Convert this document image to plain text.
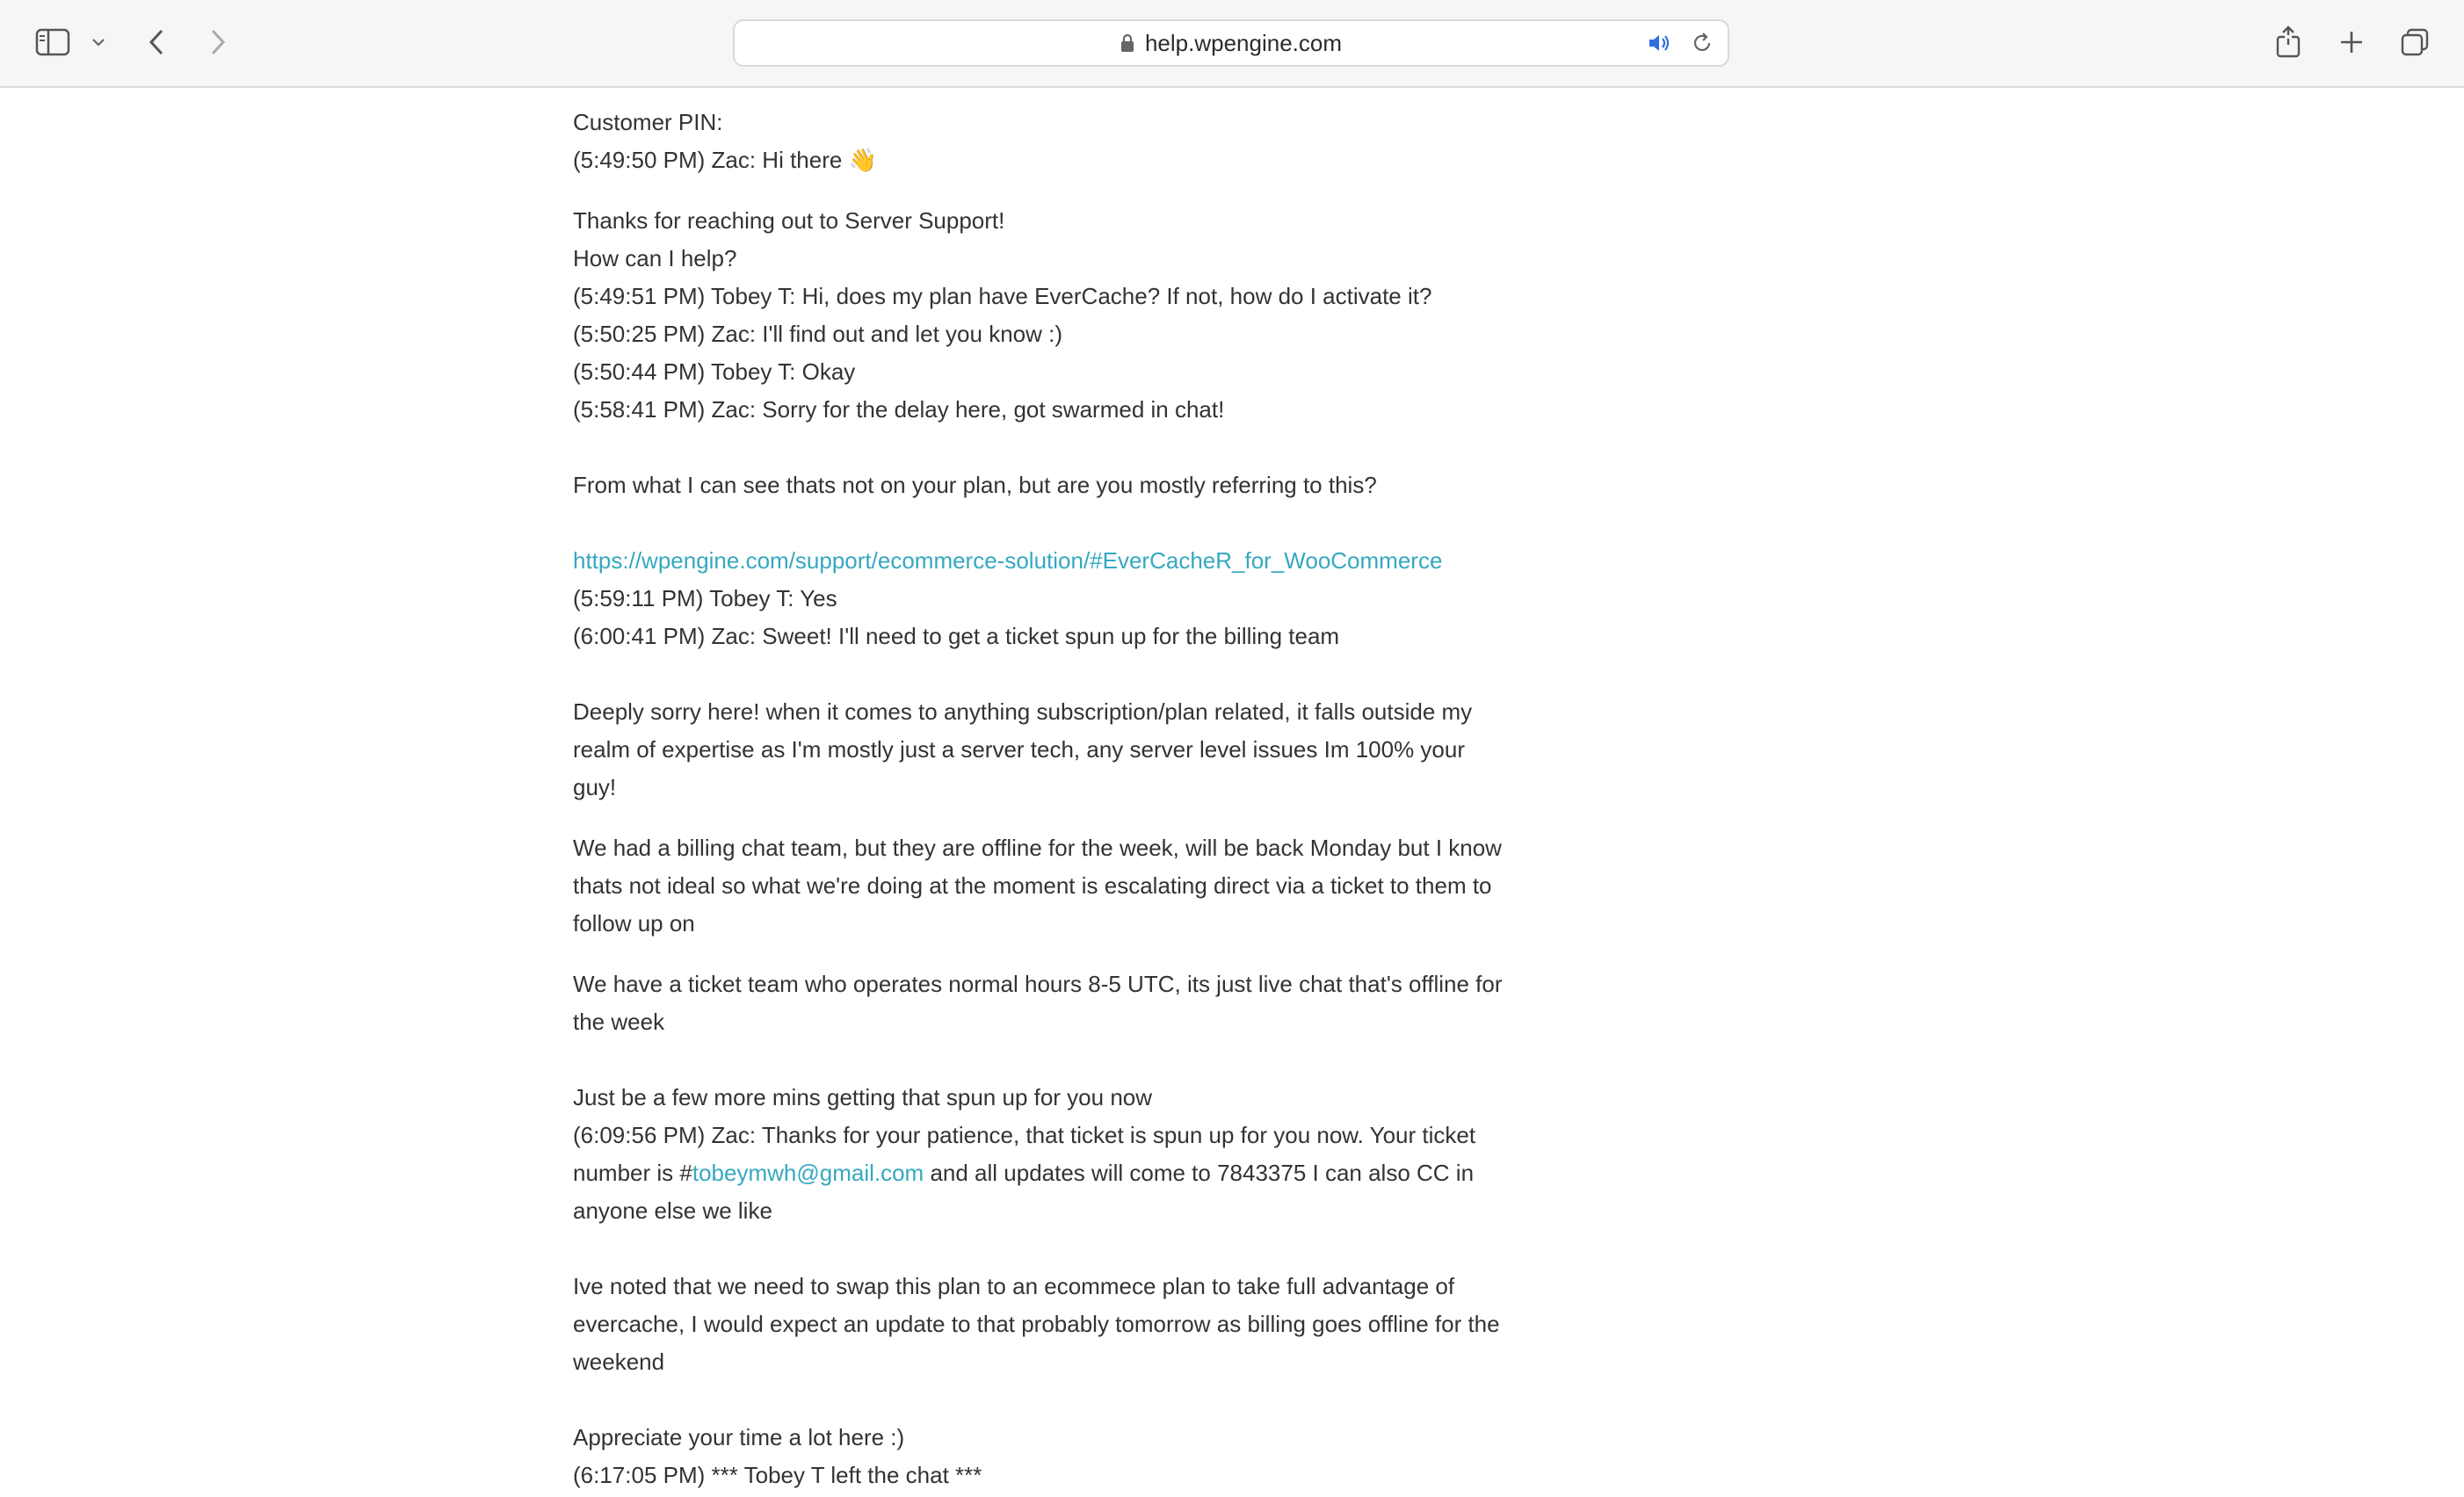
help.wpengine.com
Customer PIN:
(5:49:50 PM) Zac: Hi there 👋
Thanks for reaching out to Server Support!
How can I help?
(5:49:51 PM) Tobey T: Hi, does my plan have EverCache? If not, how do I activate it?
(5:50:25 PM) Zac: I'll find out and let you know :)
(5:50:44 PM) Tobey T: Okay
(5:58:41 PM) Zac: Sorry for the delay here, got swarmed in chat!
From what I can see thats not on your plan, but are you mostly referring to this?
https://wpengine.com/support/ecommerce-solution/#EverCacheR_for_WooCommerce
(5:59:11 PM) Tobey T: Yes
(6:00:41 PM) Zac: Sweet! I'll need to get a ticket spun up for the billing team
Deeply sorry here! when it comes to anything subscription/plan related, it falls outside my
realm of expertise as I'm mostly just a server tech, any server level issues Im 100% your
guy!
We had a billing chat team, but they are offline for the week, will be back Monday but I know
thats not ideal so what we're doing at the moment is escalating direct via a ticket to them to
follow up on
We have a ticket team who operates normal hours 8-5 UTC, its just live chat that's offline for
the week
Just be a few more mins getting that spun up for you now
(6:09:56 PM) Zac: Thanks for your patience, that ticket is spun up for you now. Your ticket
number is #tobeymwh@gmail.com and all updates will come to 7843375 I can also CC in
anyone else we like
Ive noted that we need to swap this plan to an ecommece plan to take full advantage of
evercache, I would expect an update to that probably tomorrow as billing goes offline for the
weekend
Appreciate your time a lot here :)
(6:17:05 PM) *** Tobey T left the chat ***
